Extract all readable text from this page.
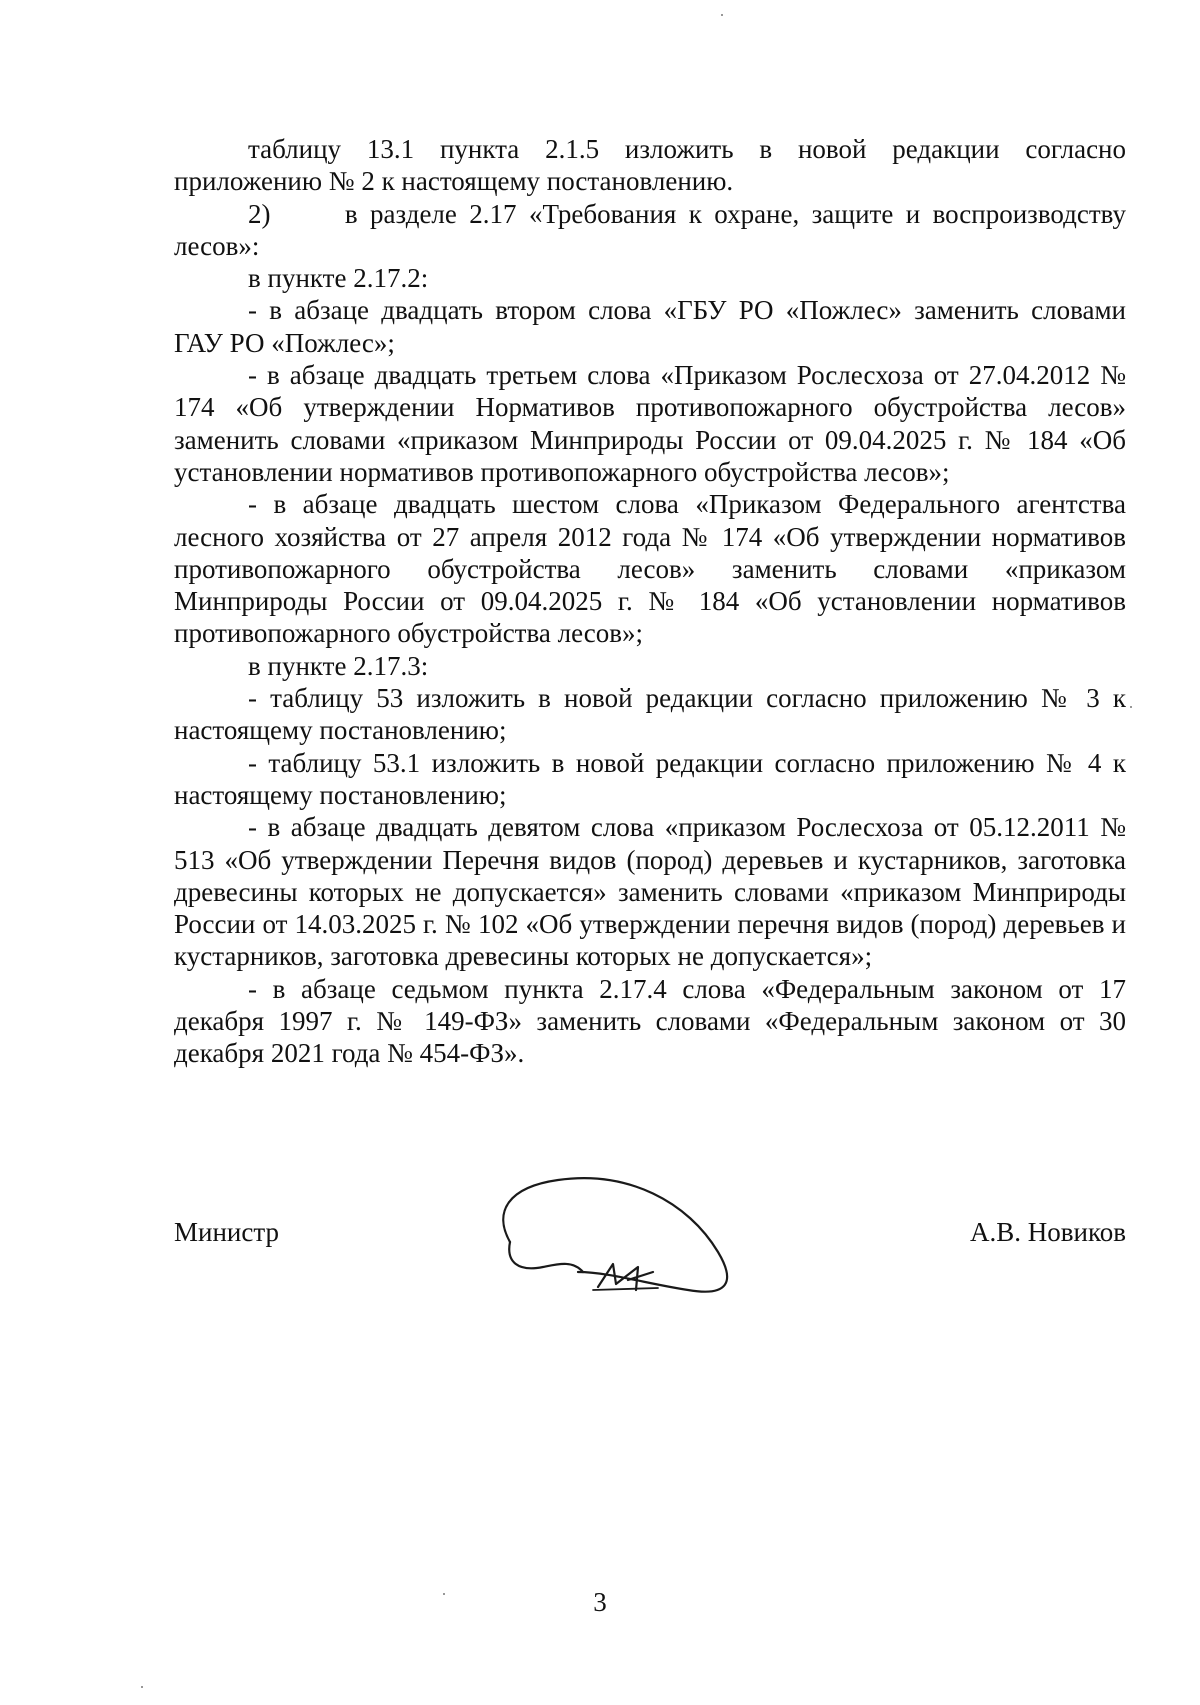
таблицу 13.1 пункта 2.1.5 изложить в новой редакции согласно приложению № 2 к настоящему постановлению.

2)      в разделе 2.17 «Требования к охране, защите и воспроизводству лесов»:

в пункте 2.17.2:

- в абзаце двадцать втором слова «ГБУ РО «Пожлес» заменить словами ГАУ РО «Пожлес»;

- в абзаце двадцать третьем слова «Приказом Рослесхоза от 27.04.2012 № 174 «Об утверждении Нормативов противопожарного обустройства лесов» заменить словами «приказом Минприроды России от 09.04.2025 г. № 184 «Об установлении нормативов противопожарного обустройства лесов»;

- в абзаце двадцать шестом слова «Приказом Федерального агентства лесного хозяйства от 27 апреля 2012 года № 174 «Об утверждении нормативов противопожарного обустройства лесов» заменить словами «приказом Минприроды России от 09.04.2025 г. № 184 «Об установлении нормативов противопожарного обустройства лесов»;

в пункте 2.17.3:

- таблицу 53 изложить в новой редакции согласно приложению № 3 к настоящему постановлению;

- таблицу 53.1 изложить в новой редакции согласно приложению № 4 к настоящему постановлению;

- в абзаце двадцать девятом слова «приказом Рослесхоза от 05.12.2011 № 513 «Об утверждении Перечня видов (пород) деревьев и кустарников, заготовка древесины которых не допускается» заменить словами «приказом Минприроды России от 14.03.2025 г. № 102 «Об утверждении перечня видов (пород) деревьев и кустарников, заготовка древесины которых не допускается»;

- в абзаце седьмом пункта 2.17.4 слова «Федеральным законом от 17 декабря 1997 г. № 149-ФЗ» заменить словами «Федеральным законом от 30 декабря 2021 года № 454-ФЗ».

Министр	А.В. Новиков
3
